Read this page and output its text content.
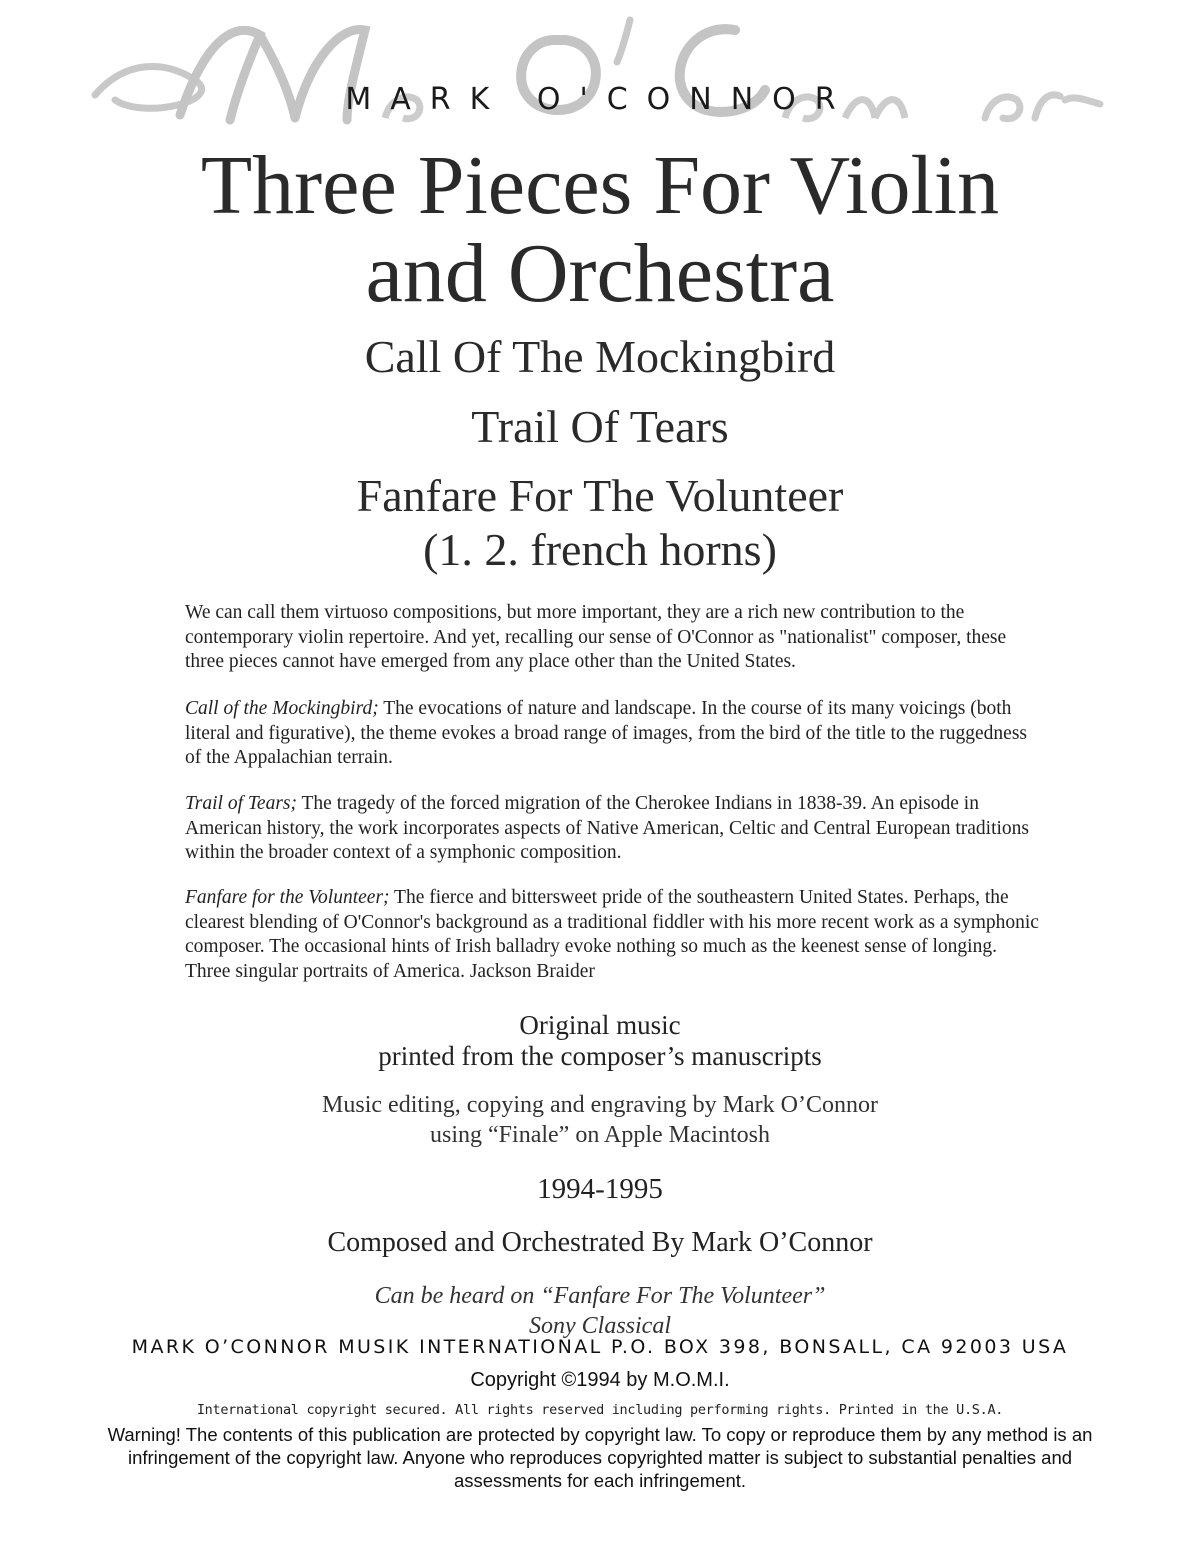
MARK O'CONNOR
Three Pieces For Violin
and Orchestra
Call Of The Mockingbird
Trail Of Tears
Fanfare For The Volunteer
(1. 2. french horns)
We can call them virtuoso compositions, but more important, they are a rich new contribution to the contemporary violin repertoire. And yet, recalling our sense of O'Connor as "nationalist" composer, these three pieces cannot have emerged from any place other than the United States.
Call of the Mockingbird; The evocations of nature and landscape. In the course of its many voicings (both literal and figurative), the theme evokes a broad range of images, from the bird of the title to the ruggedness of the Appalachian terrain.
Trail of Tears; The tragedy of the forced migration of the Cherokee Indians in 1838-39. An episode in American history, the work incorporates aspects of Native American, Celtic and Central European traditions within the broader context of a symphonic composition.
Fanfare for the Volunteer; The fierce and bittersweet pride of the southeastern United States. Perhaps, the clearest blending of O'Connor's background as a traditional fiddler with his more recent work as a symphonic composer. The occasional hints of Irish balladry evoke nothing so much as the keenest sense of longing. Three singular portraits of America. Jackson Braider
Original music
printed from the composer’s manuscripts
Music editing, copying and engraving by Mark O’Connor
using “Finale” on Apple Macintosh
1994-1995
Composed and Orchestrated By Mark O’Connor
Can be heard on “Fanfare For The Volunteer”
Sony Classical
MARK O’CONNOR MUSIK INTERNATIONAL P.O. BOX 398, BONSALL, CA 92003 USA
Copyright ©1994 by M.O.M.I.
International copyright secured. All rights reserved including performing rights. Printed in the U.S.A.
Warning! The contents of this publication are protected by copyright law. To copy or reproduce them by any method is an infringement of the copyright law. Anyone who reproduces copyrighted matter is subject to substantial penalties and assessments for each infringement.
